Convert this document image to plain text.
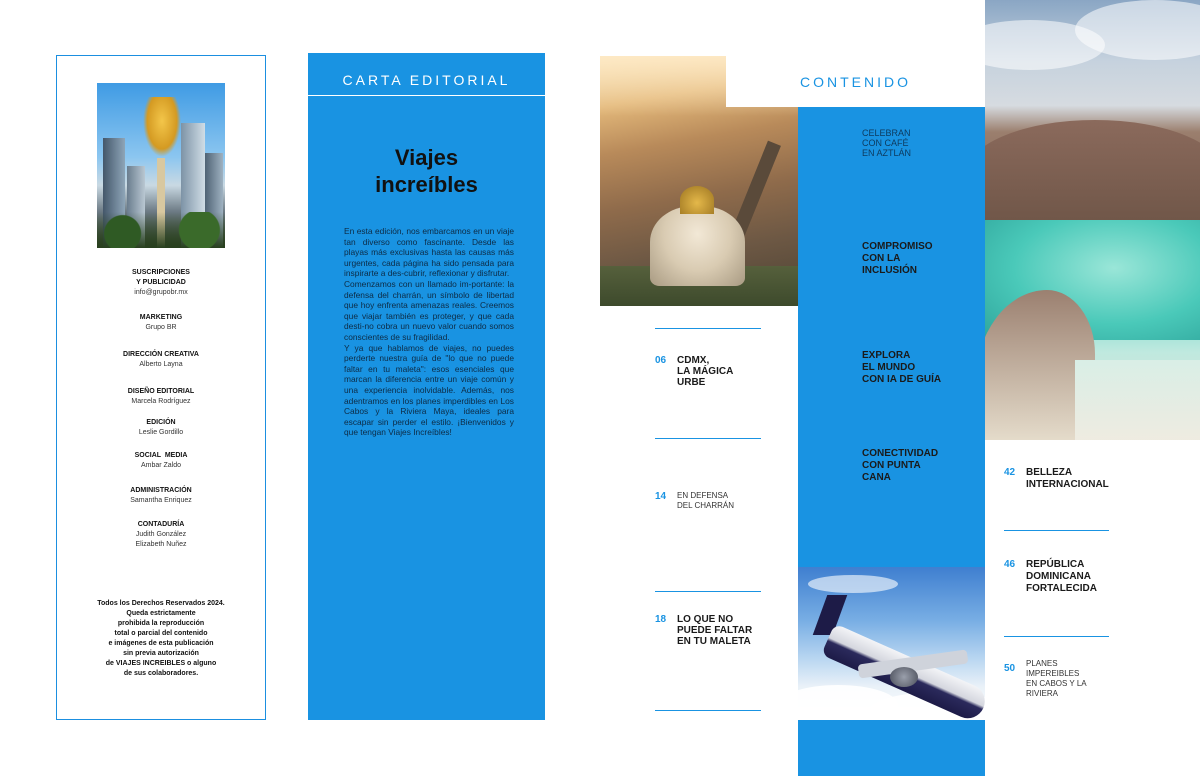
SUSCRIPCIONES
Y PUBLICIDAD
info@grupobr.mx
MARKETING
Grupo BR
DIRECCIÓN CREATIVA
Alberto Layna
DISEÑO EDITORIAL
Marcela Rodríguez
EDICIÓN
Leslie Gordillo
SOCIAL  MEDIA
Ambar Zaldo
ADMINISTRACIÓN
Samantha Enriquez
CONTADURÍA
Judith González
Elizabeth Nuñez
Todos los Derechos Reservados 2024.
Queda estrictamente
prohibida la reproducción
total o parcial del contenido
e imágenes de esta publicación
sin previa autorización
de VIAJES INCREIBLES o alguno
de sus colaboradores.
CARTA EDITORIAL
Viajes
increíbles

En esta edición, nos embarcamos en un viaje tan diverso como fascinante. Desde las playas más exclusivas hasta las causas más urgentes, cada página ha sido pensada para inspirarte a des-cubrir, reflexionar y disfrutar.

Comenzamos con un llamado im-portante: la defensa del charrán, un símbolo de libertad que hoy enfrenta amenazas reales. Creemos que viajar también es proteger, y que cada desti-no cobra un nuevo valor cuando somos conscientes de su fragilidad.

Y ya que hablamos de viajes, no puedes perderte nuestra guía de "lo que no puede faltar en tu maleta": esos esenciales que marcan la diferencia entre un viaje común y una experiencia inolvidable. Además, nos adentramos en los planes imperdibles en Los Cabos y la Riviera Maya, ideales para escapar sin perder el estilo. ¡Bienvenidos y que tengan Viajes Increíbles!

CELEBRAN
CON CAFÉ
EN AZTLÁN
COMPROMISO
CON LA
INCLUSIÓN
EXPLORA
EL MUNDO
CON IA DE GUÍA
CONECTIVIDAD
CON PUNTA
CANA
CONTENIDO
06 CDMX,
LA MÁGICA
URBE
14 EN DEFENSA
DEL CHARRÁN
18 LO QUE NO
PUEDE FALTAR
EN TU MALETA
42 BELLEZA
INTERNACIONAL
46 REPÚBLICA
DOMINICANA
FORTALECIDA
50 PLANES
IMPEREIBLES
EN CABOS Y LA
RIVIERA
